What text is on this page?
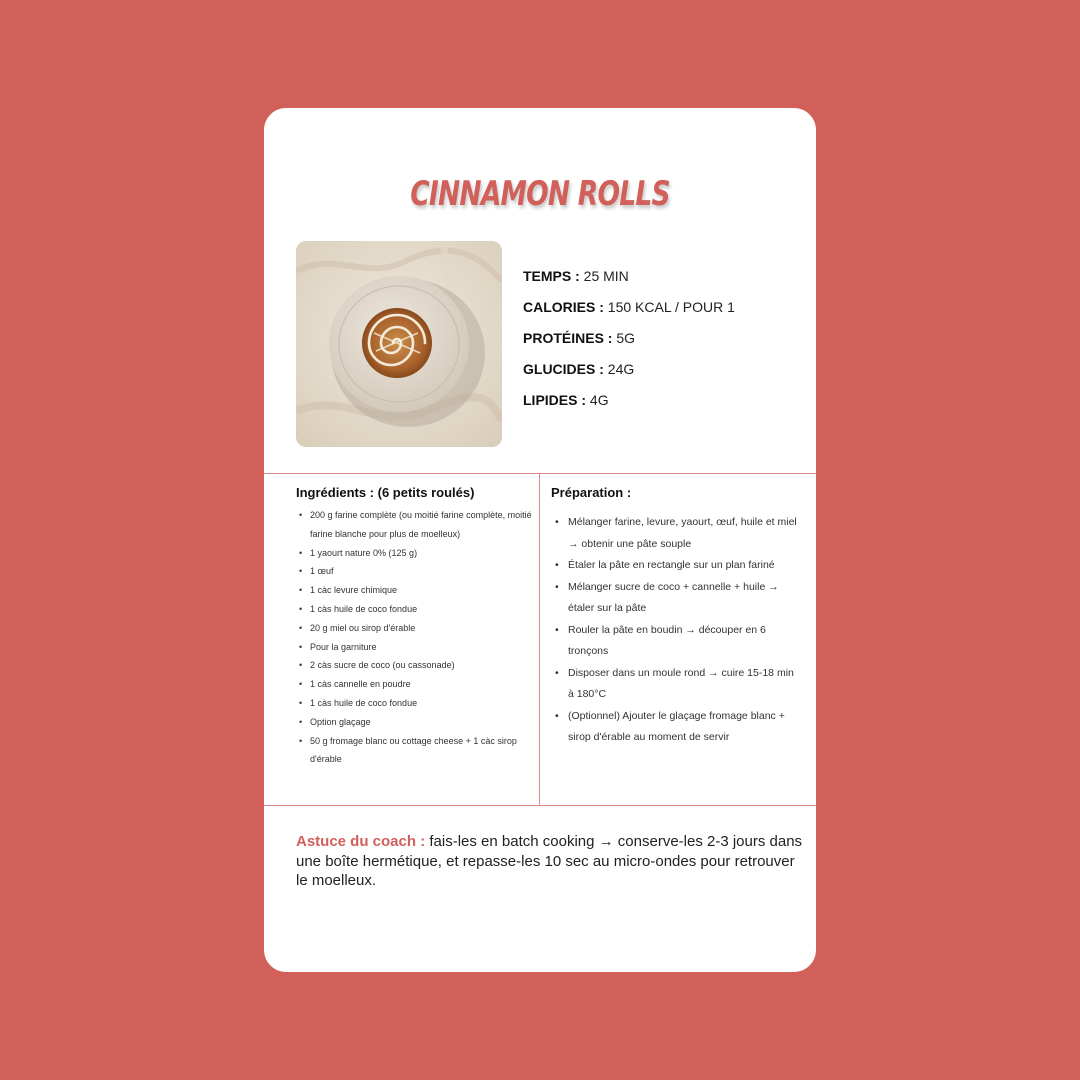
CINNAMON ROLLS
TEMPS : 25 MIN
CALORIES : 150 KCAL / POUR 1
PROTÉINES : 5G
GLUCIDES : 24G
LIPIDES : 4G
Ingrédients : (6 petits roulés)
• 200 g farine complète (ou moitié farine complète, moitié farine blanche pour plus de moelleux)
• 1 yaourt nature 0% (125 g)
• 1 œuf
• 1 càc levure chimique
• 1 càs huile de coco fondue
• 20 g miel ou sirop d'érable
• Pour la garniture
• 2 càs sucre de coco (ou cassonade)
• 1 càs cannelle en poudre
• 1 càs huile de coco fondue
• Option glaçage
• 50 g fromage blanc ou cottage cheese + 1 càc sirop d'érable
Préparation :
• Mélanger farine, levure, yaourt, œuf, huile et miel → obtenir une pâte souple
• Étaler la pâte en rectangle sur un plan fariné
• Mélanger sucre de coco + cannelle + huile → étaler sur la pâte
• Rouler la pâte en boudin → découper en 6 tronçons
• Disposer dans un moule rond → cuire 15-18 min à 180°C
• (Optionnel) Ajouter le glaçage fromage blanc + sirop d'érable au moment de servir
Astuce du coach : fais-les en batch cooking → conserve-les 2-3 jours dans une boîte hermétique, et repasse-les 10 sec au micro-ondes pour retrouver le moelleux.
